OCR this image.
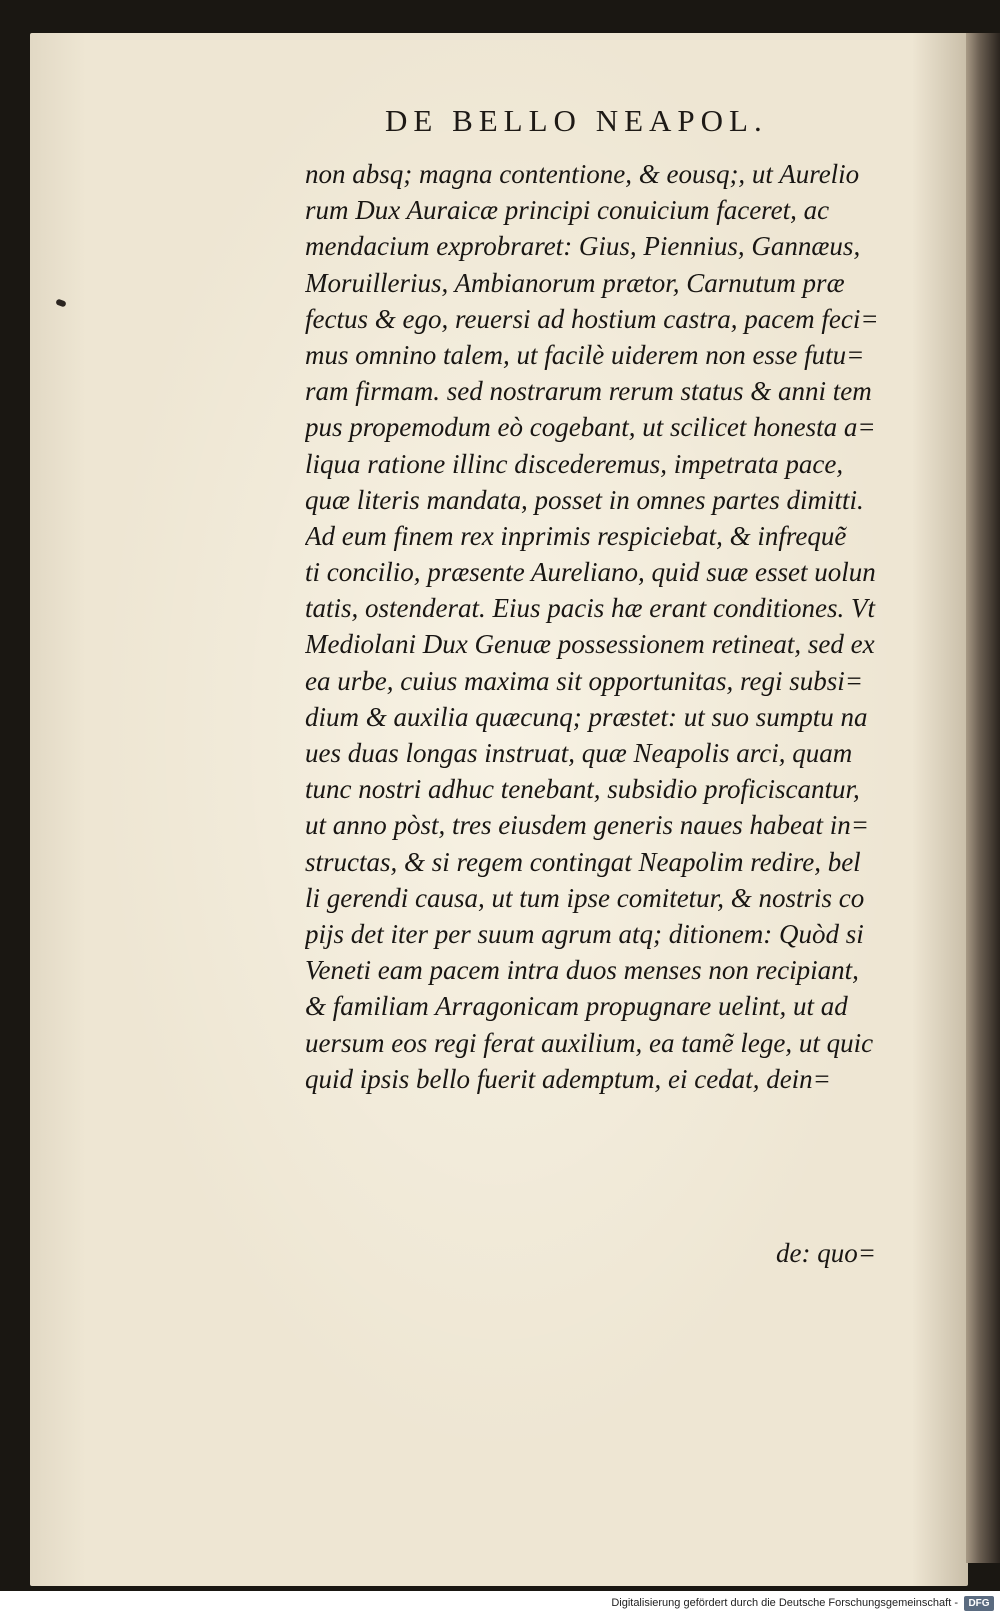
DE BELLO NEAPOL.
non absq; magna contentione, & eousq;, ut Aurelio
rum Dux Auraicæ principi conuicium faceret, ac
mendacium exprobraret: Gius, Piennius, Gannæus,
Moruillerius, Ambianorum prætor, Carnutum præ
fectus & ego, reuersi ad hostium castra, pacem feci=
mus omnino talem, ut facilè uiderem non esse futu=
ram firmam. sed nostrarum rerum status & anni tem
pus propemodum eò cogebant, ut scilicet honesta a=
liqua ratione illinc discederemus, impetrata pace,
quæ literis mandata, posset in omnes partes dimitti.
Ad eum finem rex inprimis respiciebat, & infrequẽ
ti concilio, præsente Aureliano, quid suæ esset uolun
tatis, ostenderat. Eius pacis hæ erant conditiones. Vt
Mediolani Dux Genuæ possessionem retineat, sed ex
ea urbe, cuius maxima sit opportunitas, regi subsi=
dium & auxilia quæcunq; præstet: ut suo sumptu na
ues duas longas instruat, quæ Neapolis arci, quam
tunc nostri adhuc tenebant, subsidio proficiscantur,
ut anno pòst, tres eiusdem generis naues habeat in=
structas, & si regem contingat Neapolim redire, bel
li gerendi causa, ut tum ipse comitetur, & nostris co
pijs det iter per suum agrum atq; ditionem: Quòd si
Veneti eam pacem intra duos menses non recipiant,
& familiam Arragonicam propugnare uelint, ut ad
uersum eos regi ferat auxilium, ea tamẽ lege, ut quic
quid ipsis bello fuerit ademptum, ei cedat, dein=
de: quo=
Digitalisierung gefördert durch die Deutsche Forschungsgemeinschaft -	DFG
